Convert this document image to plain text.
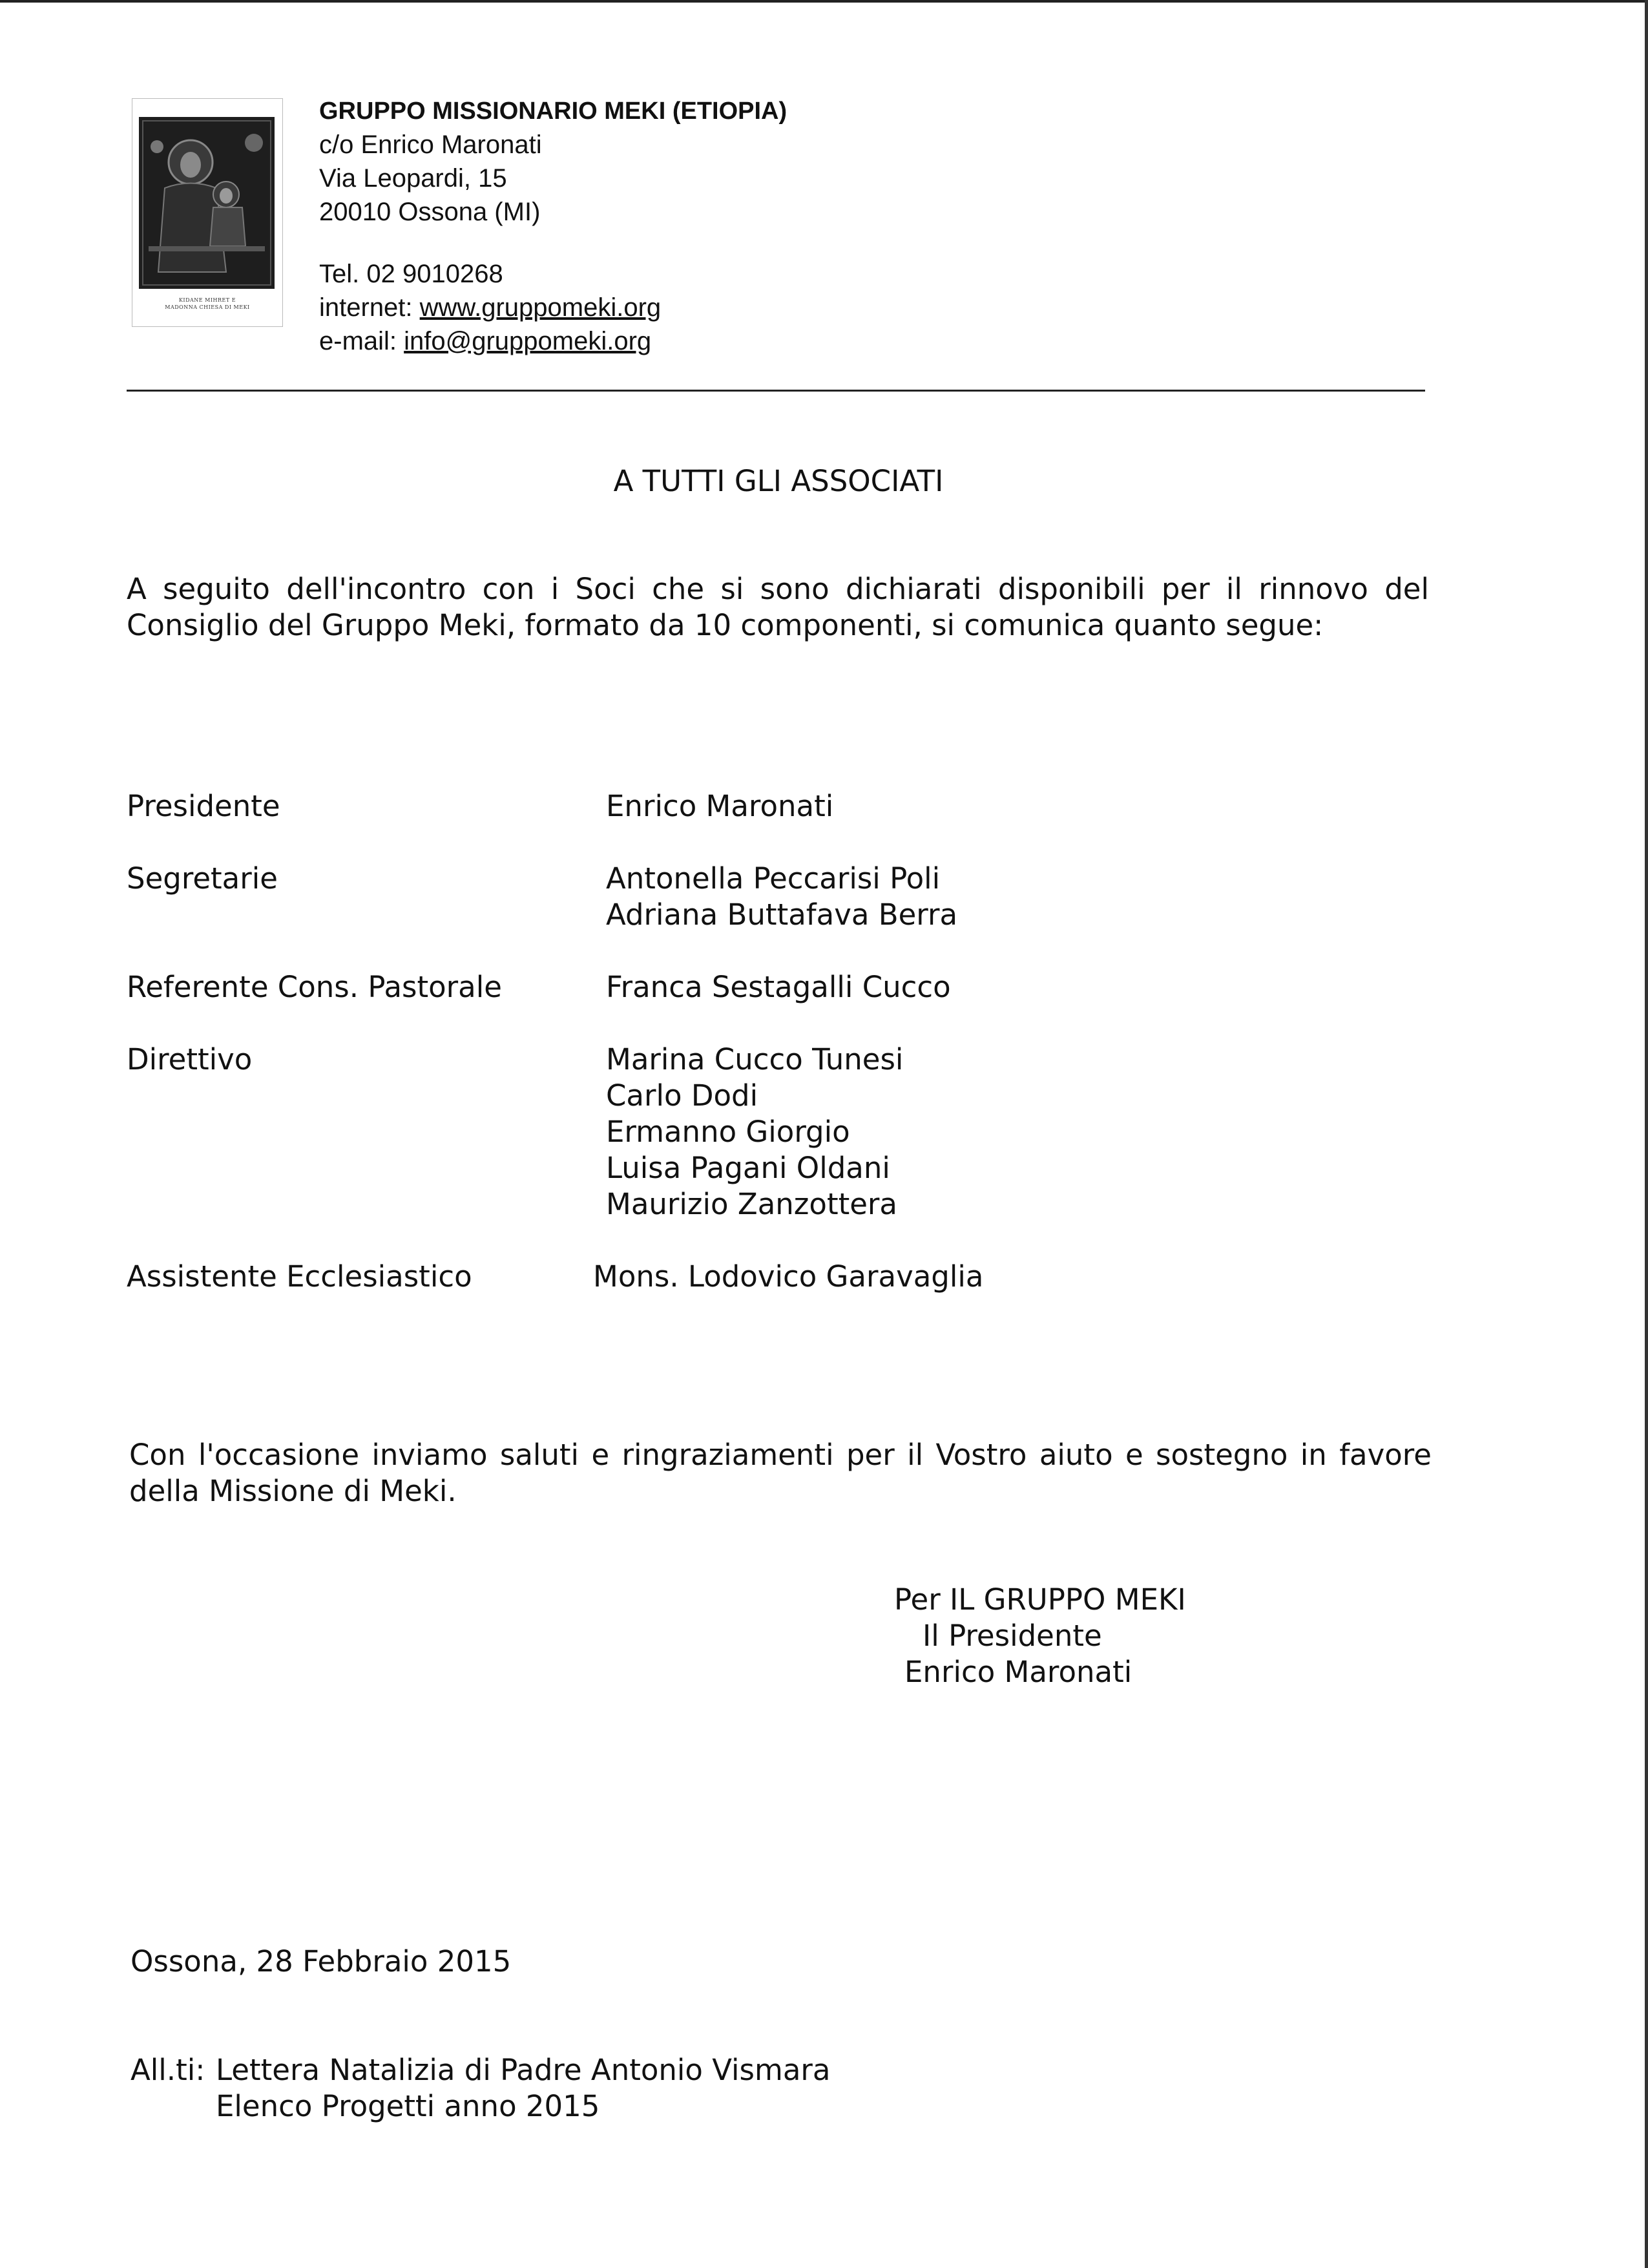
KIDANE MIHRET E
MADONNA CHIESA DI MEKI
GRUPPO MISSIONARIO MEKI (ETIOPIA)
c/o Enrico Maronati
Via Leopardi, 15
20010 Ossona (MI)
Tel. 02 9010268
internet: www.gruppomeki.org
e-mail: info@gruppomeki.org
A TUTTI GLI ASSOCIATI
A seguito dell'incontro con i Soci che si sono dichiarati disponibili per il rinnovo del Consiglio del Gruppo Meki, formato da 10 componenti, si comunica quanto segue:
Presidente	Enrico Maronati
Segretarie	Antonella Peccarisi Poli
Adriana Buttafava Berra
Referente Cons. Pastorale	Franca Sestagalli Cucco
Direttivo	Marina Cucco Tunesi
Carlo Dodi
Ermanno Giorgio
Luisa Pagani Oldani
Maurizio Zanzottera
Assistente Ecclesiastico	Mons. Lodovico Garavaglia
Con l'occasione inviamo saluti e ringraziamenti per il Vostro aiuto e sostegno in favore della Missione di Meki.
Per IL GRUPPO MEKI
Il Presidente
Enrico Maronati
Ossona, 28 Febbraio 2015
All.ti: Lettera Natalizia di Padre Antonio Vismara
Elenco Progetti anno 2015
